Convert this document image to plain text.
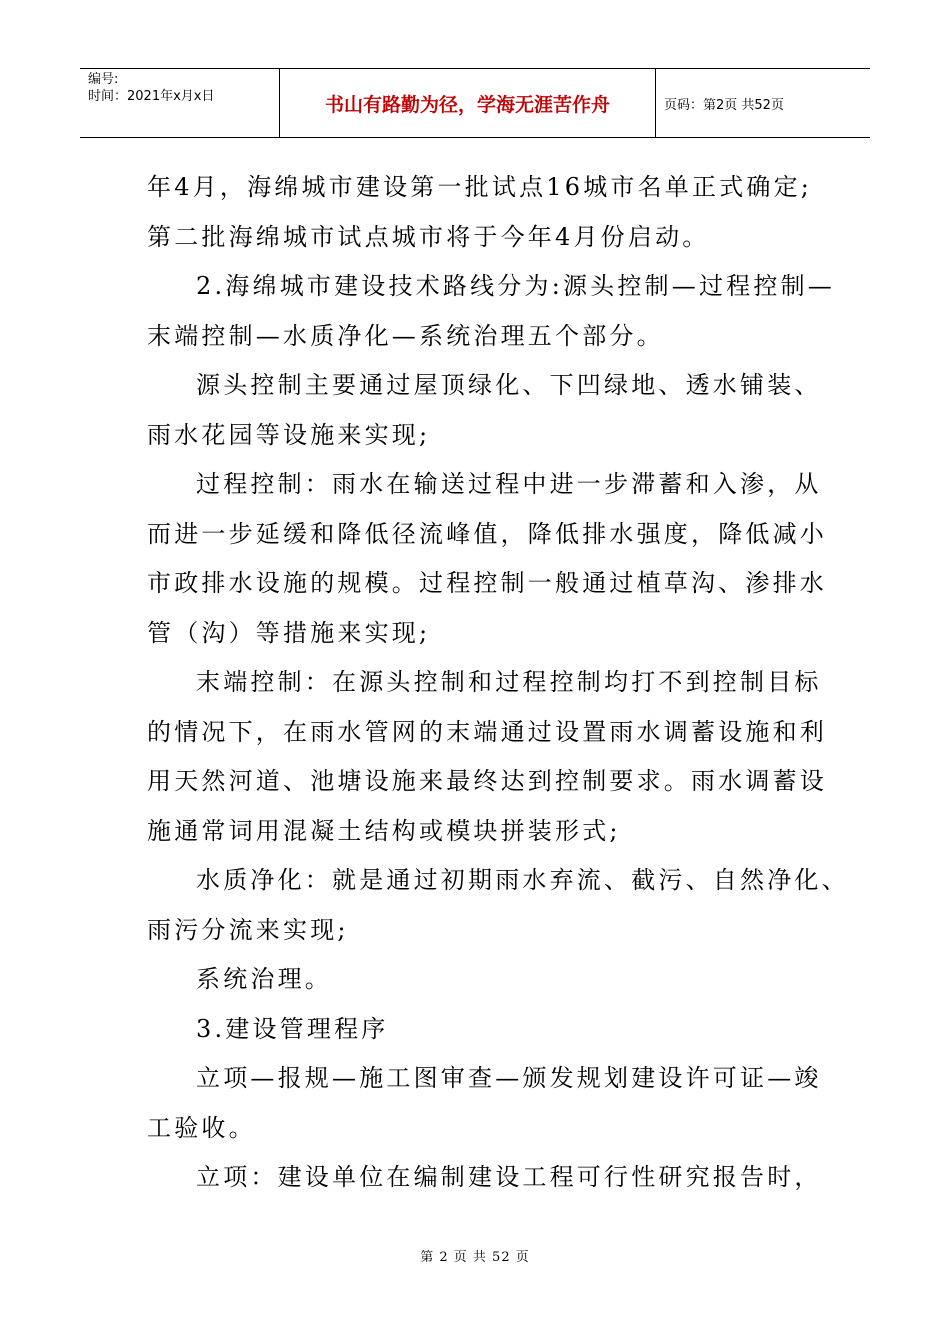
编号:
时间：2021年x月x日	书山有路勤为径，学海无涯苦作舟	页码：第2页 共52页
年4月，海绵城市建设第一批试点16城市名单正式确定;
第二批海绵城市试点城市将于今年4月份启动。
2.海绵城市建设技术路线分为:源头控制—过程控制—
末端控制—水质净化—系统治理五个部分。
源头控制主要通过屋顶绿化、下凹绿地、透水铺装、
雨水花园等设施来实现;
过程控制：雨水在输送过程中进一步滞蓄和入渗，从
而进一步延缓和降低径流峰值，降低排水强度，降低减小
市政排水设施的规模。过程控制一般通过植草沟、渗排水
管（沟）等措施来实现;
末端控制：在源头控制和过程控制均打不到控制目标
的情况下，在雨水管网的末端通过设置雨水调蓄设施和利
用天然河道、池塘设施来最终达到控制要求。雨水调蓄设
施通常词用混凝土结构或模块拼装形式;
水质净化：就是通过初期雨水弃流、截污、自然净化、
雨污分流来实现;
系统治理。
3.建设管理程序
立项—报规—施工图审查—颁发规划建设许可证—竣
工验收。
立项：建设单位在编制建设工程可行性研究报告时，
第 2 页 共 52 页
